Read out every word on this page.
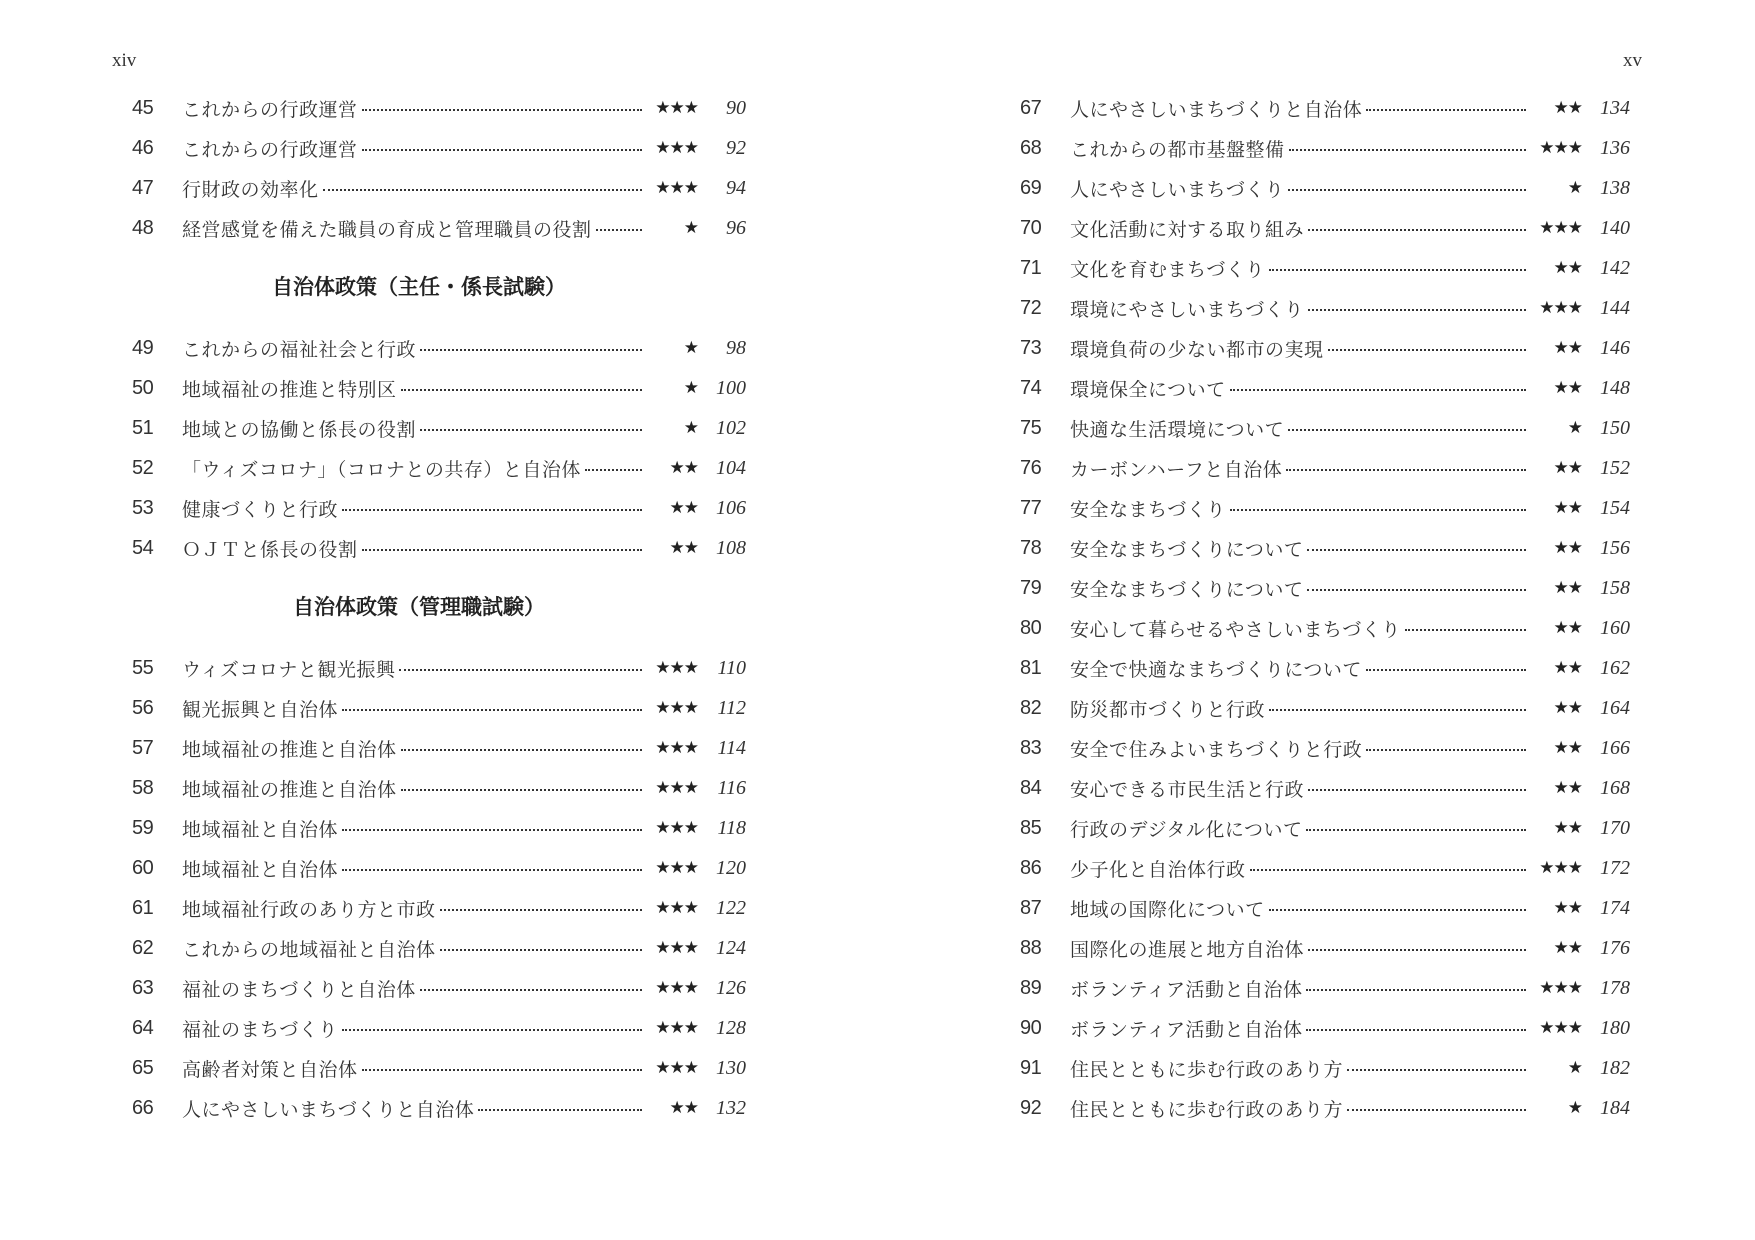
xiv
45	これからの行政運営	★★★	90
46	これからの行政運営	★★★	92
47	行財政の効率化	★★★	94
48	経営感覚を備えた職員の育成と管理職員の役割	★	96
自治体政策（主任・係長試験）
49	これからの福祉社会と行政	★	98
50	地域福祉の推進と特別区	★ 100
51	地域との協働と係長の役割	★ 102
52	「ウィズコロナ」（コロナとの共存）と自治体	★★ 104
53	健康づくりと行政	★★ 106
54	ＯＪＴと係長の役割	★★ 108
自治体政策（管理職試験）
55	ウィズコロナと観光振興	★★★ 110
56	観光振興と自治体	★★★ 112
57	地域福祉の推進と自治体	★★★ 114
58	地域福祉の推進と自治体	★★★ 116
59	地域福祉と自治体	★★★ 118
60	地域福祉と自治体	★★★ 120
61	地域福祉行政のあり方と市政	★★★ 122
62	これからの地域福祉と自治体	★★★ 124
63	福祉のまちづくりと自治体	★★★ 126
64	福祉のまちづくり	★★★ 128
65	高齢者対策と自治体	★★★ 130
66	人にやさしいまちづくりと自治体	★★ 132
xv
67	人にやさしいまちづくりと自治体	★★ 134
68	これからの都市基盤整備	★★★ 136
69	人にやさしいまちづくり	★ 138
70	文化活動に対する取り組み	★★★ 140
71	文化を育むまちづくり	★★ 142
72	環境にやさしいまちづくり	★★★ 144
73	環境負荷の少ない都市の実現	★★ 146
74	環境保全について	★★ 148
75	快適な生活環境について	★ 150
76	カーボンハーフと自治体	★★ 152
77	安全なまちづくり	★★ 154
78	安全なまちづくりについて	★★ 156
79	安全なまちづくりについて	★★ 158
80	安心して暮らせるやさしいまちづくり	★★ 160
81	安全で快適なまちづくりについて	★★ 162
82	防災都市づくりと行政	★★ 164
83	安全で住みよいまちづくりと行政	★★ 166
84	安心できる市民生活と行政	★★ 168
85	行政のデジタル化について	★★ 170
86	少子化と自治体行政	★★★ 172
87	地域の国際化について	★★ 174
88	国際化の進展と地方自治体	★★ 176
89	ボランティア活動と自治体	★★★ 178
90	ボランティア活動と自治体	★★★ 180
91	住民とともに歩む行政のあり方	★ 182
92	住民とともに歩む行政のあり方	★ 184
